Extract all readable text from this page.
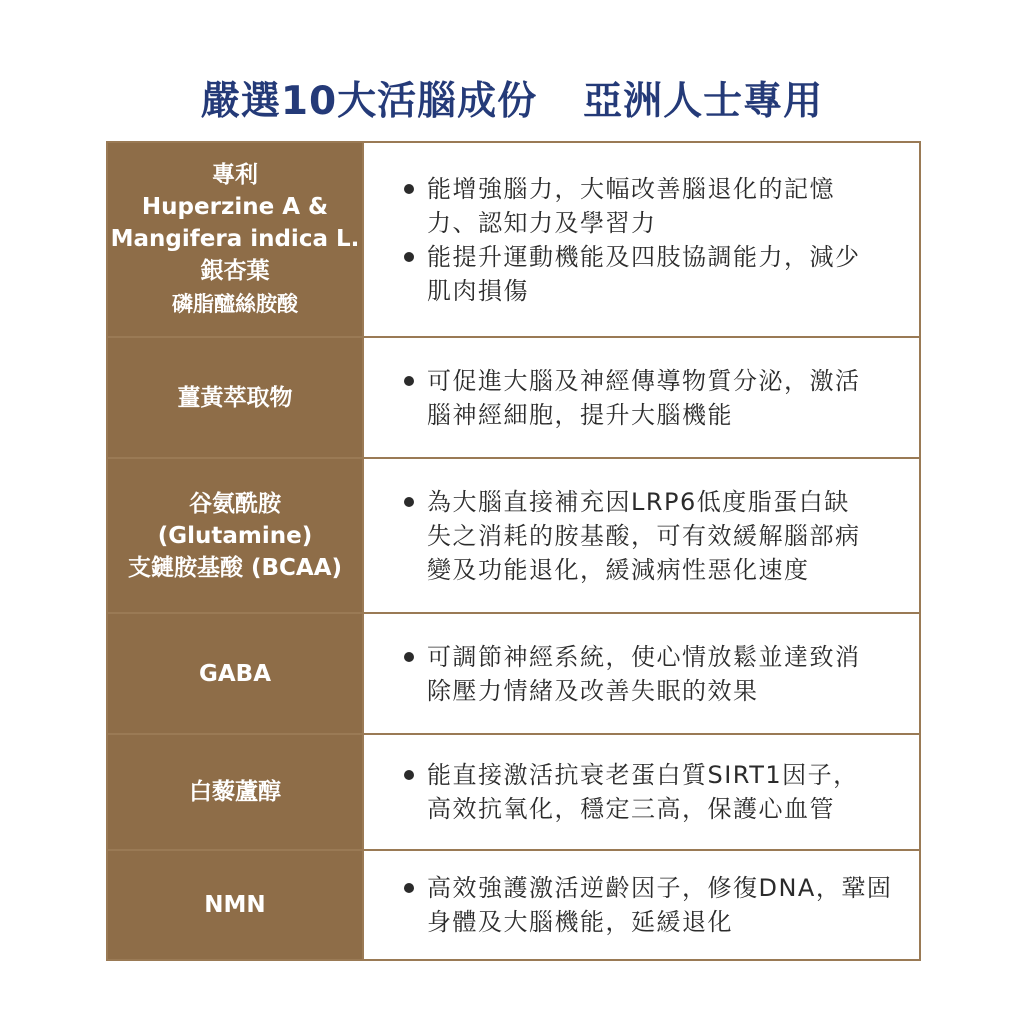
嚴選10大活腦成份 亞洲人士專用
專利
Huperzine A &
Mangifera indica L.
銀杏葉
磷脂醯絲胺酸
能增強腦力，大幅改善腦退化的記憶
力、認知力及學習力
能提升運動機能及四肢協調能力，減少
肌肉損傷
薑黃萃取物
可促進大腦及神經傳導物質分泌，激活
腦神經細胞，提升大腦機能
谷氨酰胺
(Glutamine)
支鏈胺基酸 (BCAA)
為大腦直接補充因LRP6低度脂蛋白缺
失之消耗的胺基酸，可有效緩解腦部病
變及功能退化，緩減病性惡化速度
GABA
可調節神經系統，使心情放鬆並達致消
除壓力情緒及改善失眠的效果
白藜蘆醇
能直接激活抗衰老蛋白質SIRT1因子，
高效抗氧化，穩定三高，保護心血管
NMN
高效強護激活逆齡因子，修復DNA，鞏固
身體及大腦機能，延緩退化
